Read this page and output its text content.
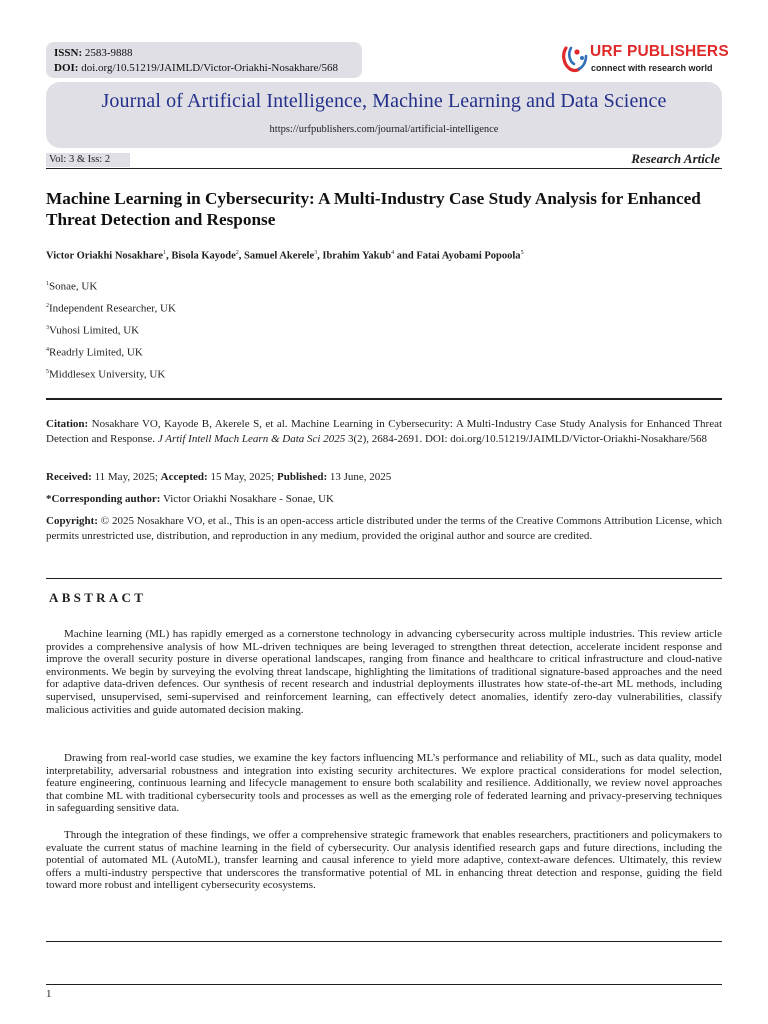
ISSN: 2583-9888
DOI: doi.org/10.51219/JAIMLD/Victor-Oriakhi-Nosakhare/568
URF PUBLISHERS
connect with research world
Journal of Artificial Intelligence, Machine Learning and Data Science
https://urfpublishers.com/journal/artificial-intelligence
Vol: 3 & Iss: 2	Research Article
Machine Learning in Cybersecurity: A Multi-Industry Case Study Analysis for Enhanced Threat Detection and Response
Victor Oriakhi Nosakhare$^1$, Bisola Kayode$^2$, Samuel Akerele$^3$, Ibrahim Yakub$^4$ and Fatai Ayobami Popoola$^5$
$^1$Sonae, UK
$^2$Independent Researcher, UK
$^3$Vuhosi Limited, UK
$^4$Readrly Limited, UK
$^5$Middlesex University, UK
Citation: Nosakhare VO, Kayode B, Akerele S, et al. Machine Learning in Cybersecurity: A Multi-Industry Case Study Analysis for Enhanced Threat Detection and Response. J Artif Intell Mach Learn & Data Sci 2025 3(2), 2684-2691. DOI: doi.org/10.51219/JAIMLD/Victor-Oriakhi-Nosakhare/568
Received: 11 May, 2025; Accepted: 15 May, 2025; Published: 13 June, 2025
*Corresponding author: Victor Oriakhi Nosakhare - Sonae, UK
Copyright: © 2025 Nosakhare VO, et al., This is an open-access article distributed under the terms of the Creative Commons Attribution License, which permits unrestricted use, distribution, and reproduction in any medium, provided the original author and source are credited.
ABSTRACT
Machine learning (ML) has rapidly emerged as a cornerstone technology in advancing cybersecurity across multiple industries. This review article provides a comprehensive analysis of how ML-driven techniques are being leveraged to strengthen threat detection, accelerate incident response and improve the overall security posture in diverse operational landscapes, ranging from finance and healthcare to critical infrastructure and cloud-native environments. We begin by surveying the evolving threat landscape, highlighting the limitations of traditional signature-based approaches and the need for adaptive data-driven defences. Our synthesis of recent research and industrial deployments illustrates how state-of-the-art ML methods, including supervised, unsupervised, semi-supervised and reinforcement learning, can effectively detect anomalies, identify zero-day vulnerabilities, classify malicious activities and guide automated decision making.
Drawing from real-world case studies, we examine the key factors influencing ML’s performance and reliability of ML, such as data quality, model interpretability, adversarial robustness and integration into existing security architectures. We explore practical considerations for model selection, feature engineering, continuous learning and lifecycle management to ensure both scalability and resilience. Additionally, we review novel approaches that combine ML with traditional cybersecurity tools and processes as well as the emerging role of federated learning and privacy-preserving techniques in safeguarding sensitive data.
Through the integration of these findings, we offer a comprehensive strategic framework that enables researchers, practitioners and policymakers to evaluate the current status of machine learning in the field of cybersecurity. Our analysis identified research gaps and future directions, including the potential of automated ML (AutoML), transfer learning and causal inference to yield more adaptive, context-aware defences. Ultimately, this review offers a multi-industry perspective that underscores the transformative potential of ML in enhancing threat detection and response, guiding the field toward more robust and intelligent cybersecurity ecosystems.
1
